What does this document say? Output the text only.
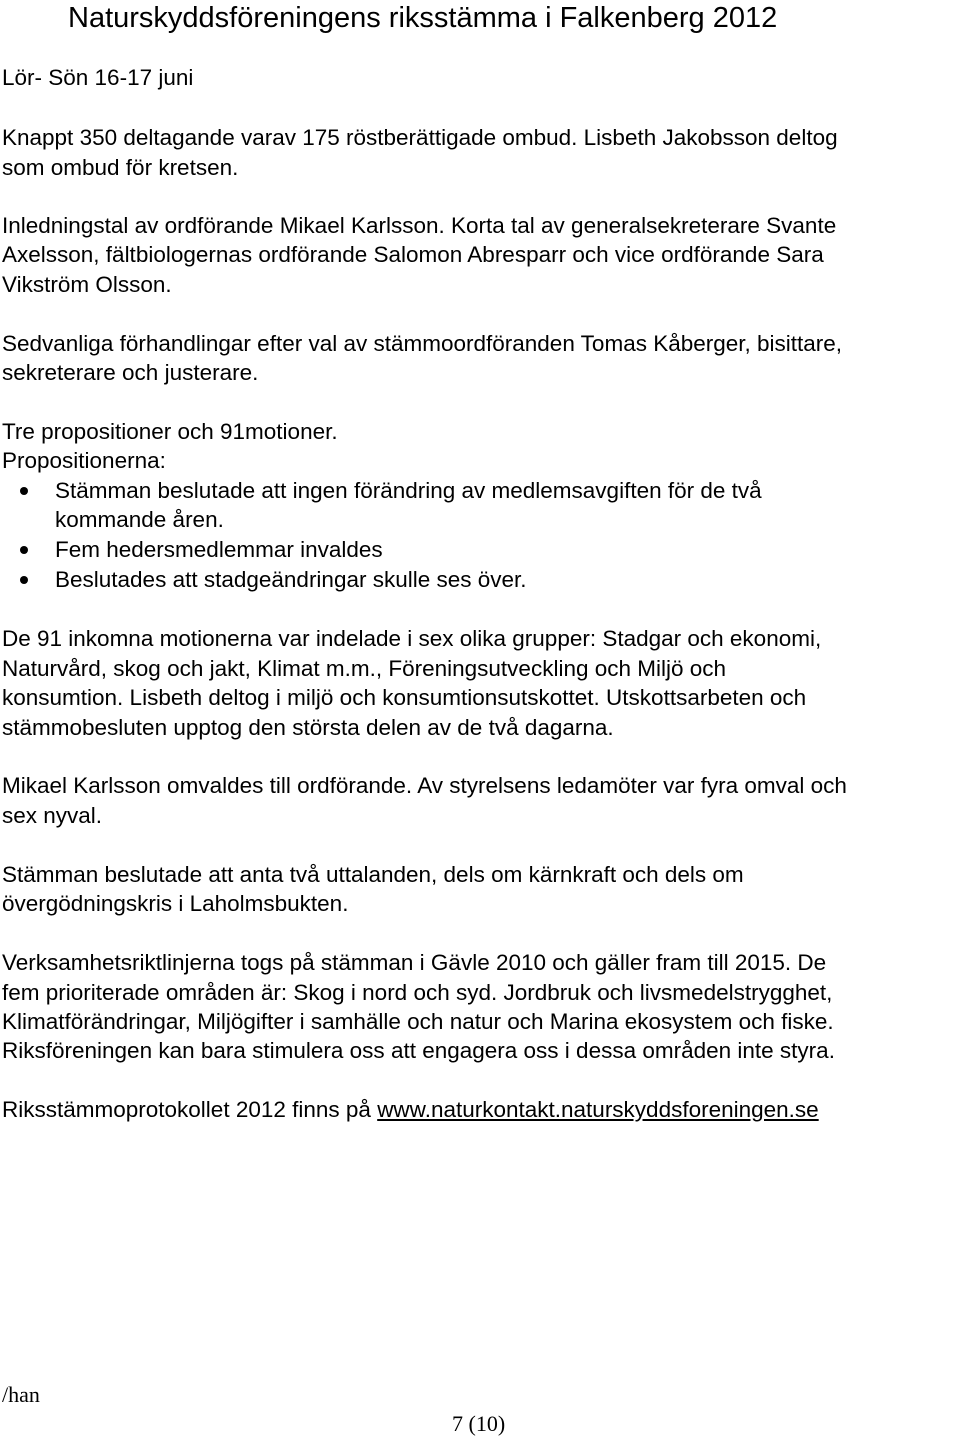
Naturskyddsföreningens riksstämma i Falkenberg 2012
Lör- Sön 16-17 juni
Knappt 350 deltagande varav 175 röstberättigade ombud. Lisbeth Jakobsson deltog
som ombud för kretsen.
Inledningstal av ordförande Mikael Karlsson. Korta tal av generalsekreterare Svante
Axelsson, fältbiologernas ordförande Salomon Abresparr och vice ordförande Sara
Vikström Olsson.
Sedvanliga förhandlingar efter val av stämmoordföranden Tomas Kåberger, bisittare,
sekreterare och justerare.
Tre propositioner och 91motioner.
Propositionerna:
Stämman beslutade att ingen förändring av medlemsavgiften för de två
kommande åren.
Fem hedersmedlemmar invaldes
Beslutades att stadgeändringar skulle ses över.
De 91 inkomna motionerna var indelade i sex olika grupper: Stadgar och ekonomi,
Naturvård, skog och jakt, Klimat m.m., Föreningsutveckling och Miljö och
konsumtion. Lisbeth deltog i miljö och konsumtionsutskottet. Utskottsarbeten och
stämmobesluten upptog den största delen av de två dagarna.
Mikael Karlsson omvaldes till ordförande. Av styrelsens ledamöter var fyra omval och
sex nyval.
Stämman beslutade att anta två uttalanden, dels om kärnkraft och dels om
övergödningskris i Laholmsbukten.
Verksamhetsriktlinjerna togs på stämman i Gävle 2010 och gäller fram till 2015. De
fem prioriterade områden är: Skog i nord och syd. Jordbruk och livsmedelstrygghet,
Klimatförändringar, Miljögifter i samhälle och natur och Marina ekosystem och fiske.
Riksföreningen kan bara stimulera oss att engagera oss i dessa områden inte styra.
Riksstämmoprotokollet 2012 finns på www.naturkontakt.naturskyddsforeningen.se
/han
7 (10)
